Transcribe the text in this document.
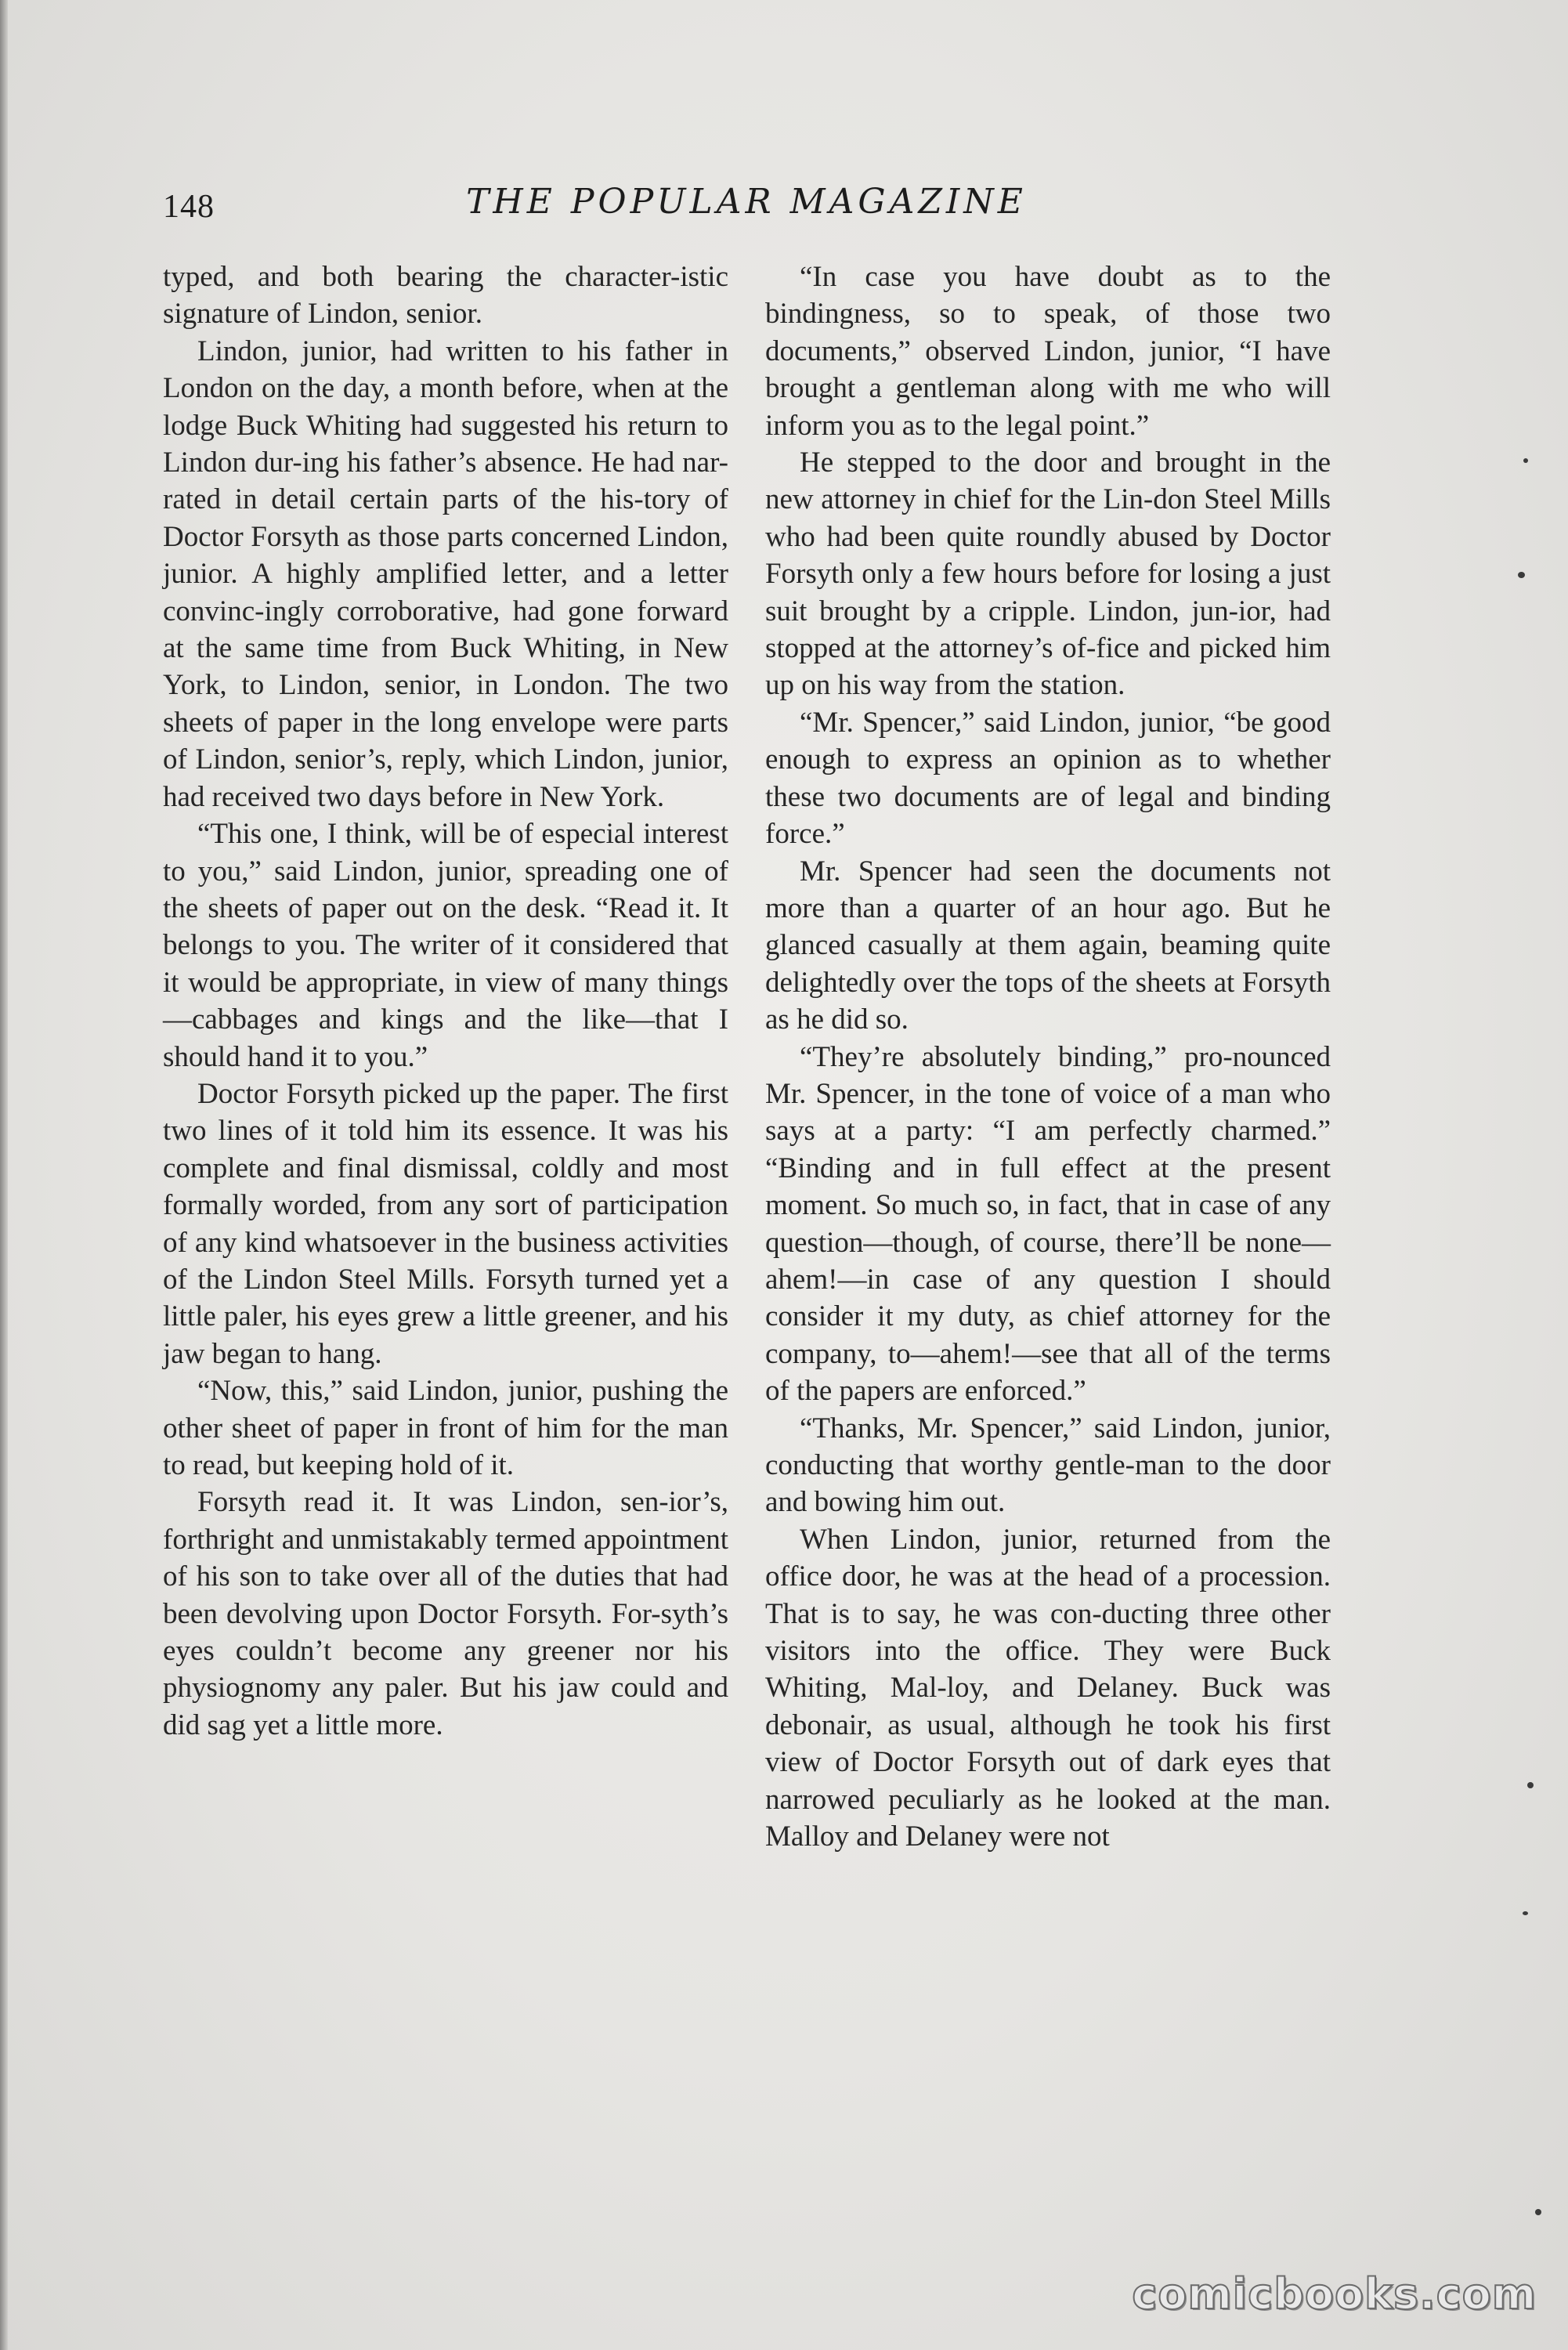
148	THE POPULAR MAGAZINE

typed, and both bearing the character-istic signature of Lindon, senior.

Lindon, junior, had written to his father in London on the day, a month before, when at the lodge Buck Whiting had suggested his return to Lindon dur-ing his father’s absence. He had nar-rated in detail certain parts of the his-tory of Doctor Forsyth as those parts concerned Lindon, junior. A highly amplified letter, and a letter convinc-ingly corroborative, had gone forward at the same time from Buck Whiting, in New York, to Lindon, senior, in London. The two sheets of paper in the long envelope were parts of Lindon, senior’s, reply, which Lindon, junior, had received two days before in New York.

“This one, I think, will be of especial interest to you,” said Lindon, junior, spreading one of the sheets of paper out on the desk. “Read it. It belongs to you. The writer of it considered that it would be appropriate, in view of many things—cabbages and kings and the like—that I should hand it to you.”

Doctor Forsyth picked up the paper. The first two lines of it told him its essence. It was his complete and final dismissal, coldly and most formally worded, from any sort of participation of any kind whatsoever in the business activities of the Lindon Steel Mills. Forsyth turned yet a little paler, his eyes grew a little greener, and his jaw began to hang.

“Now, this,” said Lindon, junior, pushing the other sheet of paper in front of him for the man to read, but keeping hold of it.

Forsyth read it. It was Lindon, sen-ior’s, forthright and unmistakably termed appointment of his son to take over all of the duties that had been devolving upon Doctor Forsyth. For-syth’s eyes couldn’t become any greener nor his physiognomy any paler. But his jaw could and did sag yet a little more.

“In case you have doubt as to the bindingness, so to speak, of those two documents,” observed Lindon, junior, “I have brought a gentleman along with me who will inform you as to the legal point.”

He stepped to the door and brought in the new attorney in chief for the Lin-don Steel Mills who had been quite roundly abused by Doctor Forsyth only a few hours before for losing a just suit brought by a cripple. Lindon, jun-ior, had stopped at the attorney’s of-fice and picked him up on his way from the station.

“Mr. Spencer,” said Lindon, junior, “be good enough to express an opinion as to whether these two documents are of legal and binding force.”

Mr. Spencer had seen the documents not more than a quarter of an hour ago. But he glanced casually at them again, beaming quite delightedly over the tops of the sheets at Forsyth as he did so.

“They’re absolutely binding,” pro-nounced Mr. Spencer, in the tone of voice of a man who says at a party: “I am perfectly charmed.” “Binding and in full effect at the present moment. So much so, in fact, that in case of any question—though, of course, there’ll be none—ahem!—in case of any question I should consider it my duty, as chief attorney for the company, to—ahem!—see that all of the terms of the papers are enforced.”

“Thanks, Mr. Spencer,” said Lindon, junior, conducting that worthy gentle-man to the door and bowing him out.

When Lindon, junior, returned from the office door, he was at the head of a procession. That is to say, he was con-ducting three other visitors into the office. They were Buck Whiting, Mal-loy, and Delaney. Buck was debonair, as usual, although he took his first view of Doctor Forsyth out of dark eyes that narrowed peculiarly as he looked at the man. Malloy and Delaney were not

comicbooks.com
